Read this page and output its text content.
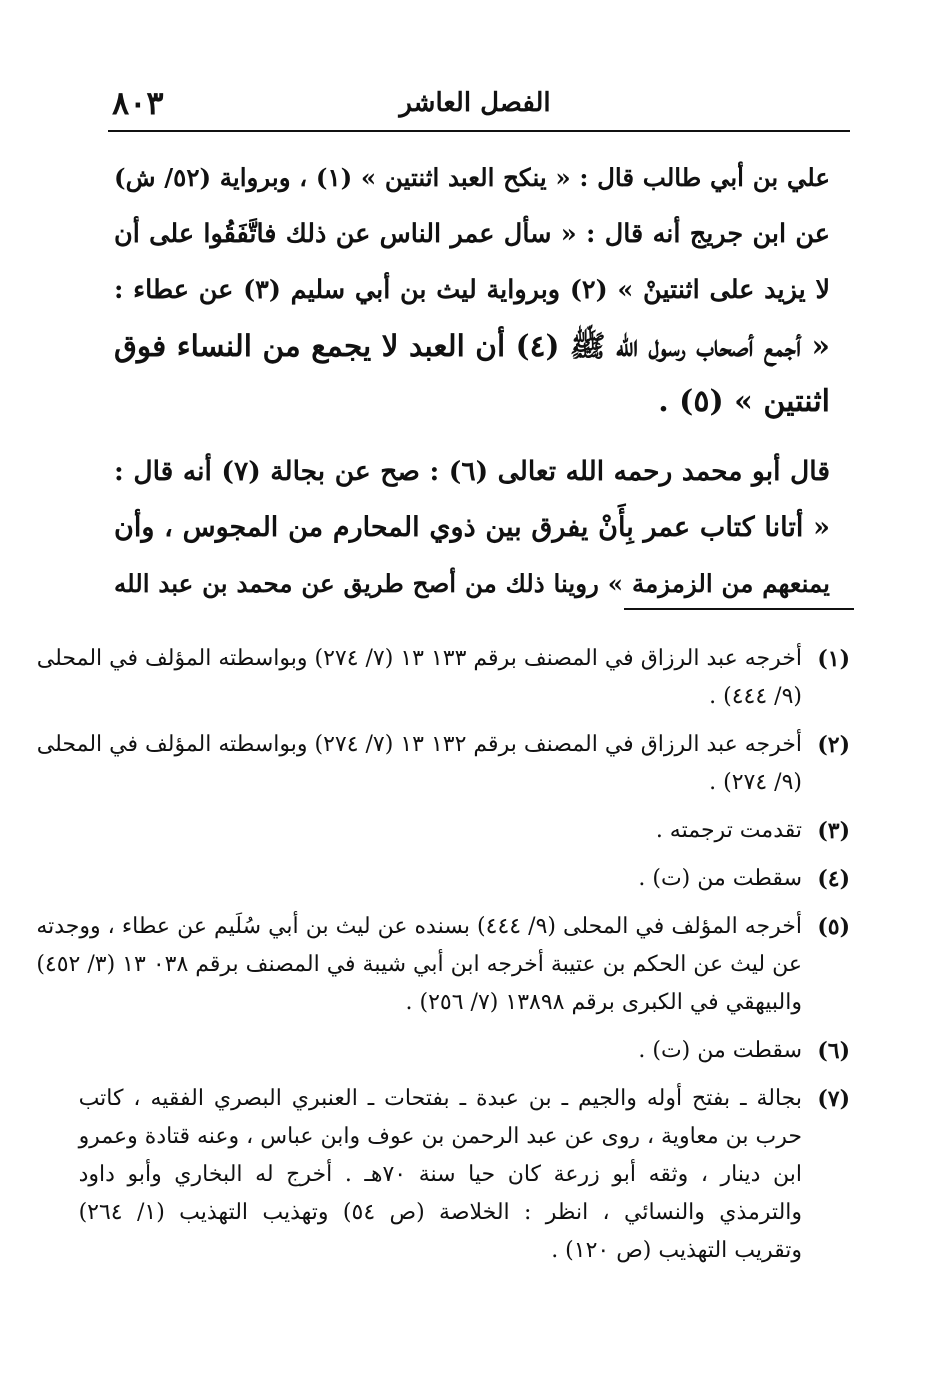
الفصل العاشر
٨٠٣
علي بن أبي طالب قال : « ينكح العبد اثنتين » (١) ، وبرواية (٥٢/ ش)
عن ابن جريج أنه قال : « سأل عمر الناس عن ذلك فاتَّفَقُوا على أن
لا يزيد على اثنتينْ » (٢) وبرواية ليث بن أبي سليم (٣) عن عطاء :
« أجمع أصحاب رسول الله ﷺ (٤) أن العبد لا يجمع من النساء فوق
اثنتين » (٥) .
قال أبو محمد رحمه الله تعالى (٦) : صح عن بجالة (٧) أنه قال :
« أتانا كتاب عمر بِأَنْ يفرق بين ذوي المحارم من المجوس ، وأن
يمنعهم من الزمزمة » روينا ذلك من أصح طريق عن محمد بن عبد الله
(١)
أخرجه عبد الرزاق في المصنف برقم ١٣٣ ١٣ (٧/ ٢٧٤) وبواسطته المؤلف في المحلى
(٩/ ٤٤٤) .
(٢)
أخرجه عبد الرزاق في المصنف برقم ١٣٢ ١٣ (٧/ ٢٧٤) وبواسطته المؤلف في المحلى
(٩/ ٢٧٤) .
(٣)
تقدمت ترجمته .
(٤)
سقطت من (ت) .
(٥)
أخرجه المؤلف في المحلى (٩/ ٤٤٤) بسنده عن ليث بن أبي سُلَيم عن عطاء ، ووجدته
عن ليث عن الحكم بن عتيبة أخرجه ابن أبي شيبة في المصنف برقم ٠٣٨ ١٣ (٣/ ٤٥٢)
والبيهقي في الكبرى برقم ١٣٨٩٨ (٧/ ٢٥٦) .
(٦)
سقطت من (ت) .
(٧)
بجالة ـ بفتح أوله والجيم ـ بن عبدة ـ بفتحات ـ العنبري البصري الفقيه ، كاتب
حرب بن معاوية ، روى عن عبد الرحمن بن عوف وابن عباس ، وعنه قتادة وعمرو
ابن دينار ، وثقه أبو زرعة كان حيا سنة ٧٠هـ . أخرج له البخاري وأبو داود
والترمذي والنسائي ، انظر : الخلاصة (ص ٥٤) وتهذيب التهذيب (١/ ٢٦٤)
وتقريب التهذيب (ص ١٢٠) .
